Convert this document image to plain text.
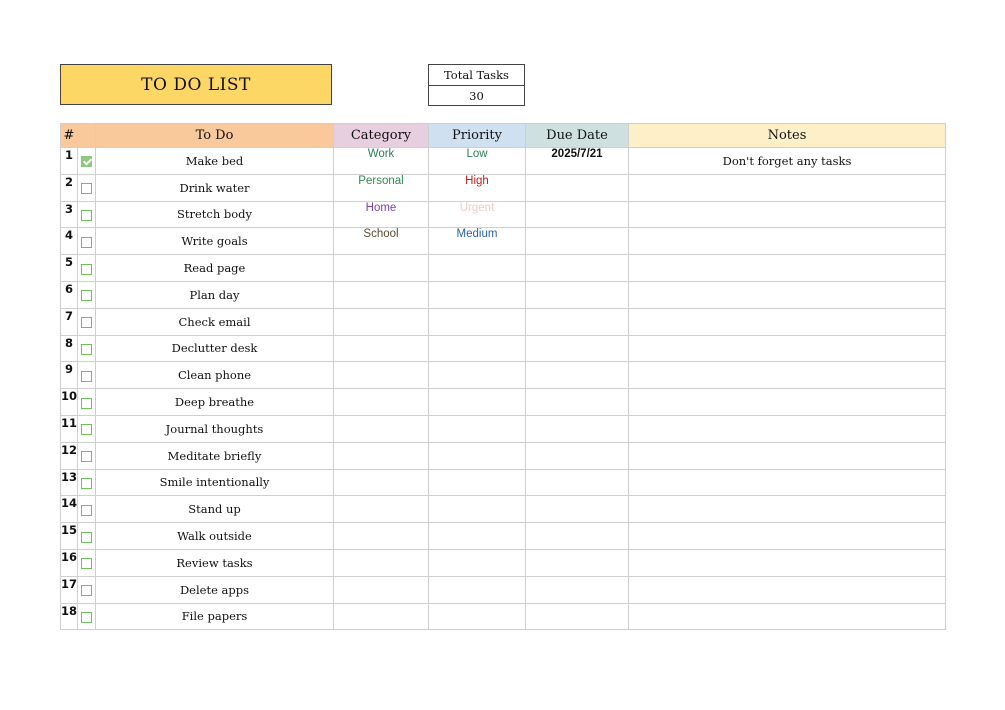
TO DO LIST	Total Tasks
30
#		To Do	Category	Priority	Due Date	Notes
1		Make bed	Work	Low	2025/7/21	Don't forget any tasks
2		Drink water	Personal	High		
3		Stretch body	Home	Urgent		
4		Write goals	School	Medium		
5		Read page				
6		Plan day				
7		Check email				
8		Declutter desk				
9		Clean phone				
10		Deep breathe				
11		Journal thoughts				
12		Meditate briefly				
13		Smile intentionally				
14		Stand up				
15		Walk outside				
16		Review tasks				
17		Delete apps				
18		File papers				
